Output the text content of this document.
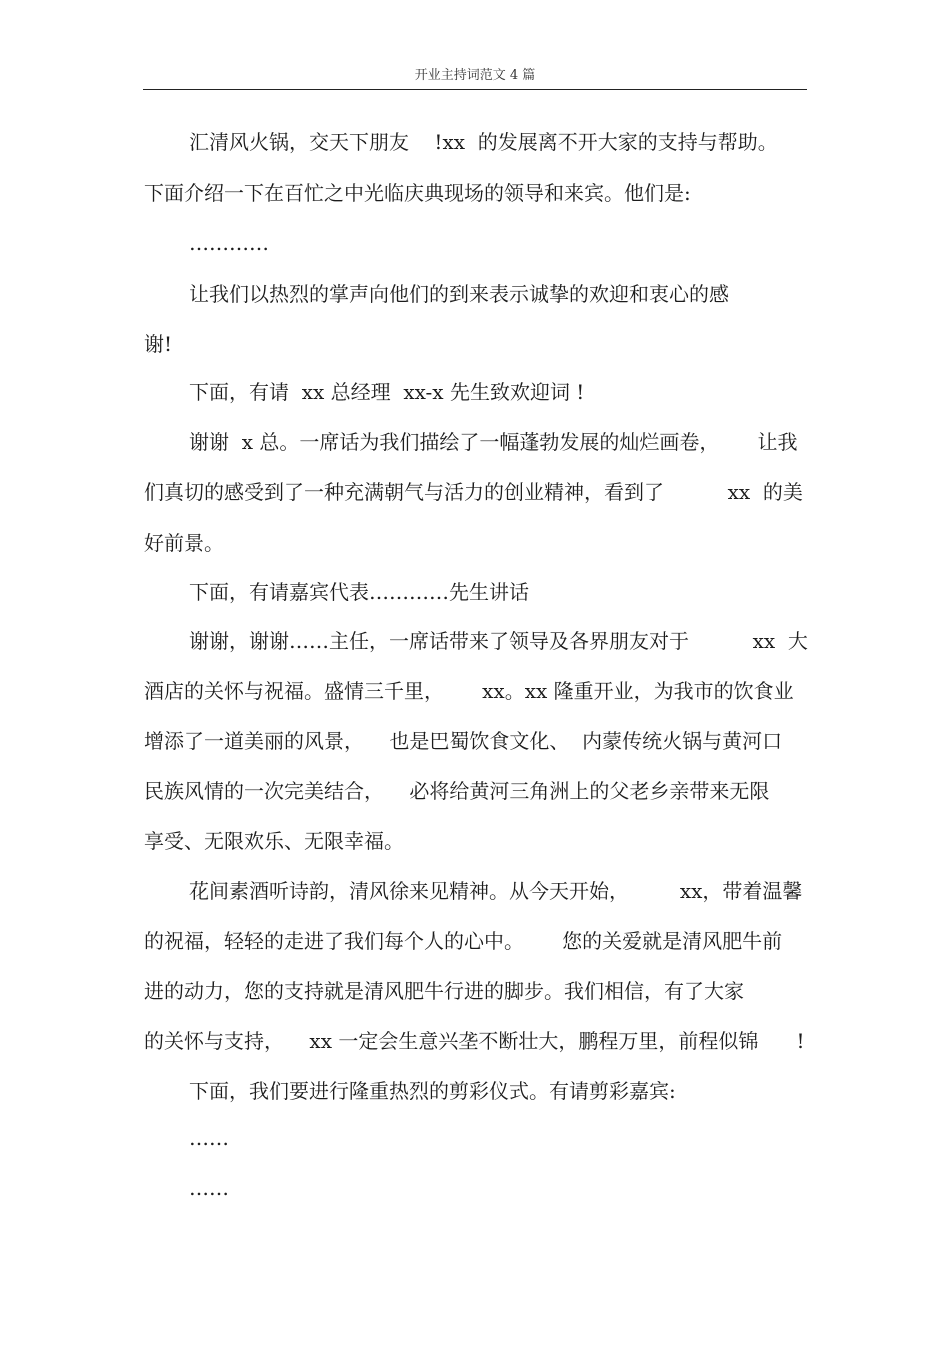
开业主持词范文 4 篇
汇清风火锅，交天下朋友    !xx  的发展离不开大家的支持与帮助。
下面介绍一下在百忙之中光临庆典现场的领导和来宾。他们是:
…………
让我们以热烈的掌声向他们的到来表示诚挚的欢迎和衷心的感
谢!
下面，有请  xx 总经理  xx-x 先生致欢迎词 !
谢谢  x 总。一席话为我们描绘了一幅蓬勃发展的灿烂画卷，      让我
们真切的感受到了一种充满朝气与活力的创业精神，看到了          xx  的美
好前景。
下面，有请嘉宾代表…………先生讲话
谢谢，谢谢……主任，一席话带来了领导及各界朋友对于          xx  大
酒店的关怀与祝福。盛情三千里，      xx。xx 隆重开业，为我市的饮食业
增添了一道美丽的风景，    也是巴蜀饮食文化、  内蒙传统火锅与黄河口
民族风情的一次完美结合，    必将给黄河三角洲上的父老乡亲带来无限
享受、无限欢乐、无限幸福。
花间素酒听诗韵，清风徐来见精神。从今天开始，        xx，带着温馨
的祝福，轻轻的走进了我们每个人的心中。      您的关爱就是清风肥牛前
进的动力，您的支持就是清风肥牛行进的脚步。我们相信，有了大家
的关怀与支持，    xx 一定会生意兴垄不断壮大，鹏程万里，前程似锦      !
下面，我们要进行隆重热烈的剪彩仪式。有请剪彩嘉宾:
……
……
